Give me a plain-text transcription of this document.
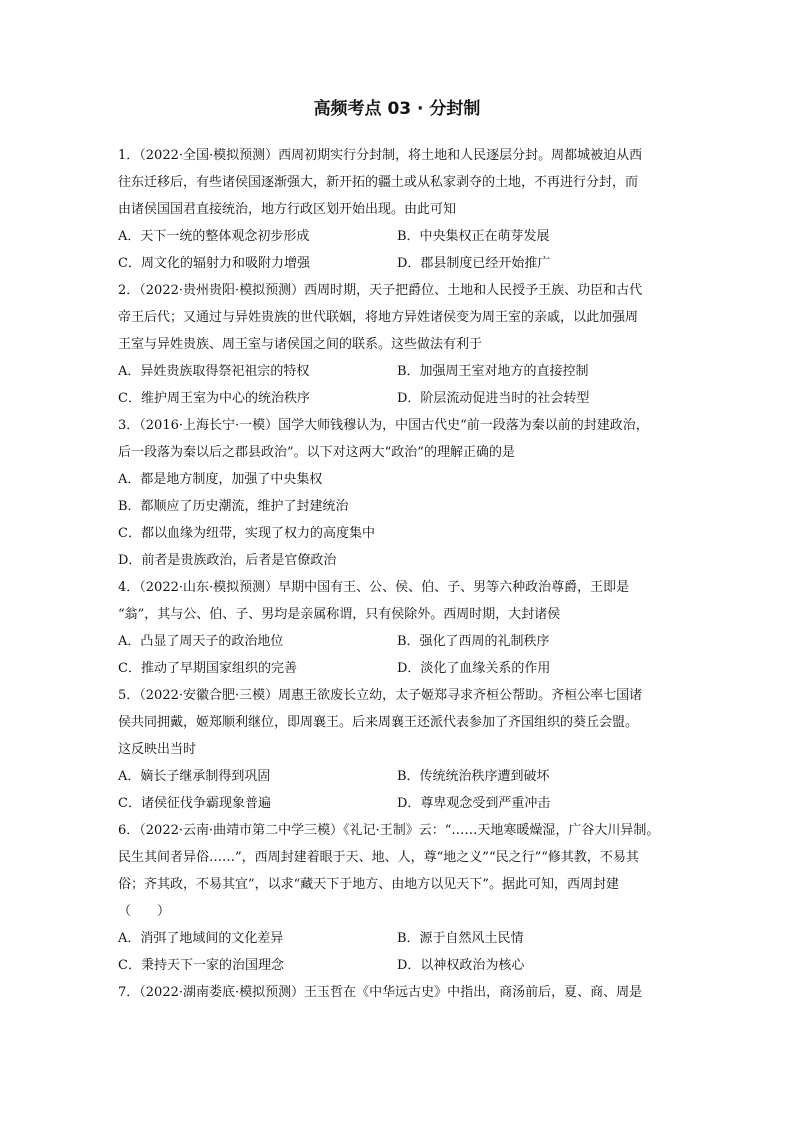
高频考点 03 · 分封制
1．（2022·全国·模拟预测）西周初期实行分封制，将土地和人民逐层分封。周都城被迫从西
往东迁移后，有些诸侯国逐渐强大，新开拓的疆土或从私家剥夺的土地，不再进行分封，而
由诸侯国国君直接统治，地方行政区划开始出现。由此可知
A．天下一统的整体观念初步形成	B．中央集权正在萌芽发展
C．周文化的辐射力和吸附力增强	D．郡县制度已经开始推广
2．（2022·贵州贵阳·模拟预测）西周时期，天子把爵位、土地和人民授予王族、功臣和古代
帝王后代；又通过与异姓贵族的世代联姻，将地方异姓诸侯变为周王室的亲戚，以此加强周
王室与异姓贵族、周王室与诸侯国之间的联系。这些做法有利于
A．异姓贵族取得祭祀祖宗的特权	B．加强周王室对地方的直接控制
C．维护周王室为中心的统治秩序	D．阶层流动促进当时的社会转型
3．（2016·上海长宁·一模）国学大师钱穆认为，中国古代史“前一段落为秦以前的封建政治，
后一段落为秦以后之郡县政治”。以下对这两大“政治”的理解正确的是
A．都是地方制度，加强了中央集权
B．都顺应了历史潮流，维护了封建统治
C．都以血缘为纽带，实现了权力的高度集中
D．前者是贵族政治，后者是官僚政治
4．（2022·山东·模拟预测）早期中国有王、公、侯、伯、子、男等六种政治尊爵，王即是
“翁”，其与公、伯、子、男均是亲属称谓，只有侯除外。西周时期，大封诸侯
A．凸显了周天子的政治地位	B．强化了西周的礼制秩序
C．推动了早期国家组织的完善	D．淡化了血缘关系的作用
5．（2022·安徽合肥·三模）周惠王欲废长立幼，太子姬郑寻求齐桓公帮助。齐桓公率七国诸
侯共同拥戴，姬郑顺利继位，即周襄王。后来周襄王还派代表参加了齐国组织的葵丘会盟。
这反映出当时
A．嫡长子继承制得到巩固	B．传统统治秩序遭到破坏
C．诸侯征伐争霸现象普遍	D．尊卑观念受到严重冲击
6．（2022·云南·曲靖市第二中学三模）《礼记·王制》云：“……天地寒暖燥湿，广谷大川异制。
民生其间者异俗……”，西周封建着眼于天、地、人，尊“地之义”“民之行”“修其教，不易其
俗；齐其政，不易其宜”，以求“藏天下于地方、由地方以见天下”。据此可知，西周封建
（　　）
A．消弭了地域间的文化差异	B．源于自然风土民情
C．秉持天下一家的治国理念	D．以神权政治为核心
7．（2022·湖南娄底·模拟预测）王玉哲在《中华远古史》中指出，商汤前后，夏、商、周是
